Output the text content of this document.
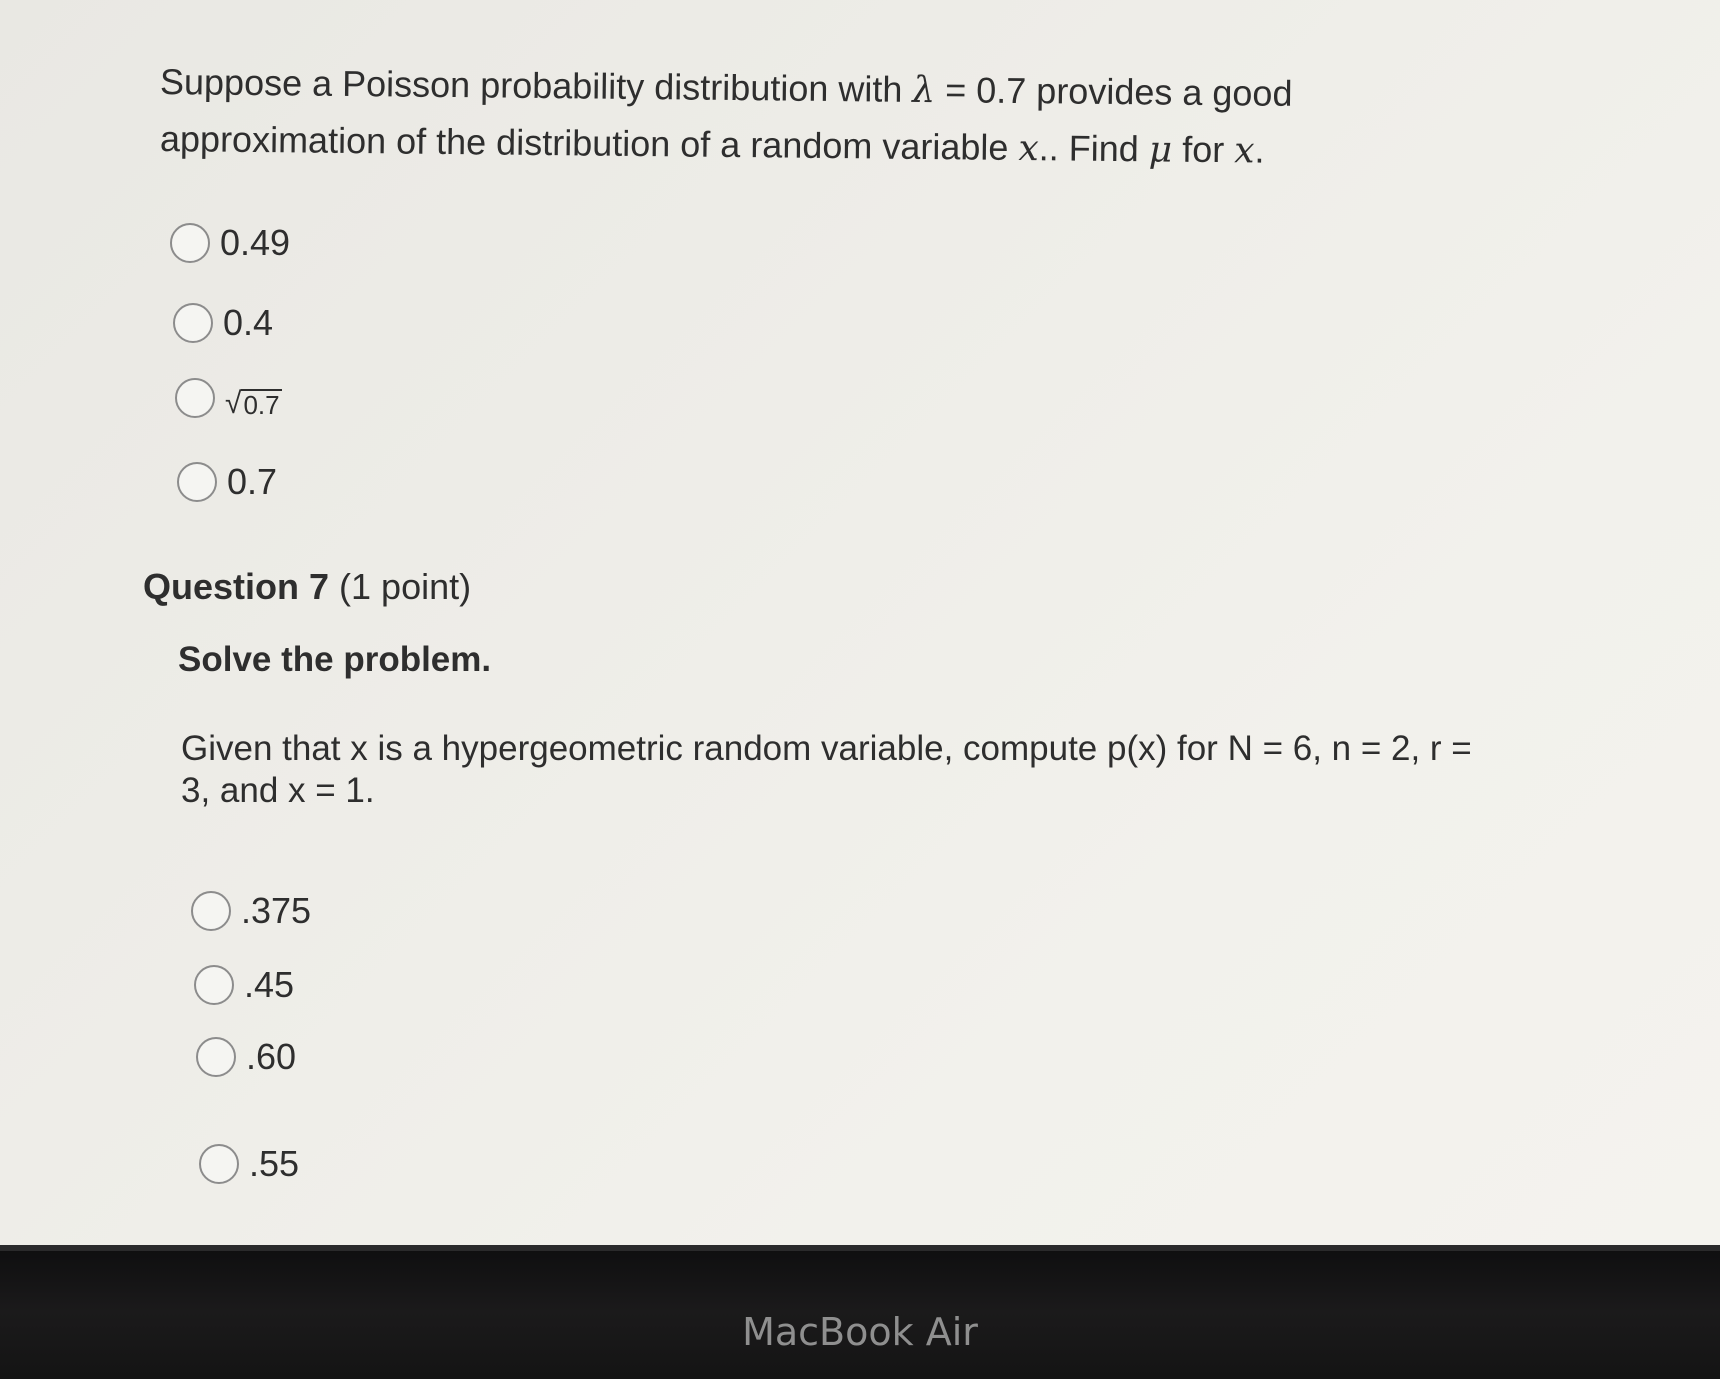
Suppose a Poisson probability distribution with λ = 0.7 provides a good
approximation of the distribution of a random variable x.. Find μ for x.
0.49
0.4
√ 0.7
0.7
Question 7 (1 point)
Solve the problem.
Given that x is a hypergeometric random variable, compute p(x) for N = 6, n = 2, r =
3, and x = 1.
.375
.45
.60
.55
MacBook Air
